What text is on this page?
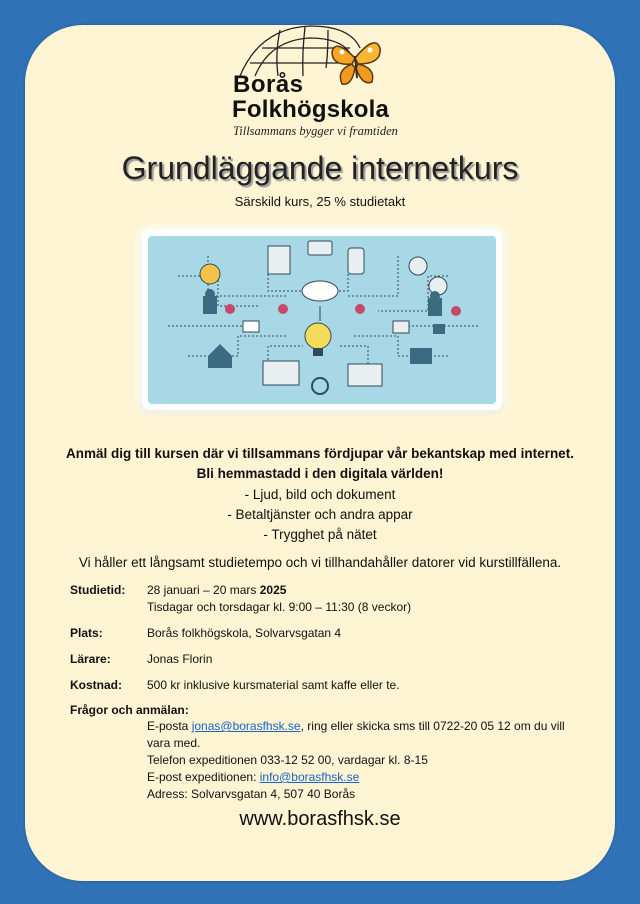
Borås
Folkhögskola
Tillsammans bygger vi framtiden
Grundläggande internetkurs
Särskild kurs, 25 % studietakt
Anmäl dig till kursen där vi tillsammans fördjupar vår bekantskap med internet.
Bli hemmastadd i den digitala världen!
- Ljud, bild och dokument
- Betaltjänster och andra appar
- Trygghet på nätet
Vi håller ett långsamt studietempo och vi tillhandahåller datorer vid kurstillfällena.
Studietid: 28 januari – 20 mars 2025
Tisdagar och torsdagar kl. 9:00 – 11:30 (8 veckor)
Plats:	Borås folkhögskola, Solvarvsgatan 4
Lärare:	Jonas Florin
Kostnad: 500 kr inklusive kursmaterial samt kaffe eller te.
Frågor och anmälan:
E-posta jonas@borasfhsk.se, ring eller skicka sms till 0722-20 05 12 om du vill vara med.
Telefon expeditionen 033-12 52 00, vardagar kl. 8-15
E-post expeditionen: info@borasfhsk.se
Adress: Solvarvsgatan 4, 507 40 Borås
www.borasfhsk.se
